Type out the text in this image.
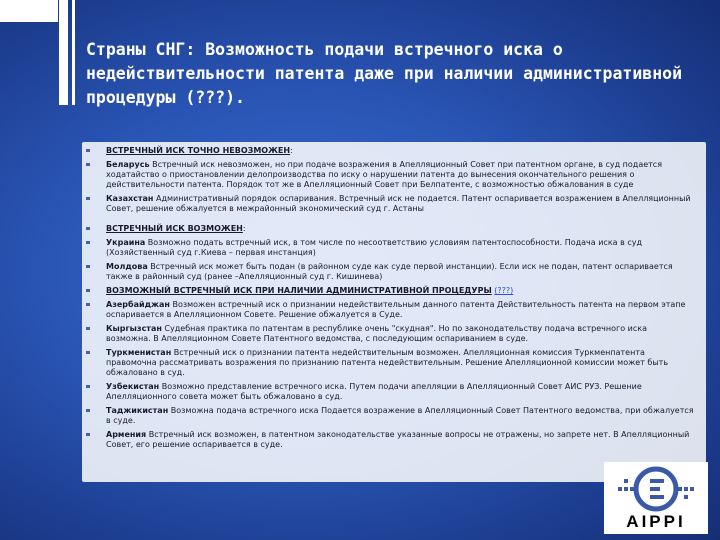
Страны СНГ: Возможность подачи встречного иска о недействительности патента даже при наличии административной процедуры (???).
ВСТРЕЧНЫЙ ИСК ТОЧНО НЕВОЗМОЖЕН:
Беларусь Встречный иск невозможен, но при подаче возражения в Апелляционный Совет при патентном органе, в суд подается ходатайство о приостановлении делопроизводства по иску о нарушении патента до вынесения окончательного решения о действительности патента. Порядок тот же в Апелляционный Совет при Белпатенте, с возможностью обжалования в суде
Казахстан Административный порядок оспаривания. Встречный иск не подается. Патент оспаривается возражением в Апелляционный Совет, решение обжалуется в межрайонный экономический суд г. Астаны
ВСТРЕЧНЫЙ ИСК ВОЗМОЖЕН:
Украина Возможно подать встречный иск, в том числе по несоответствию условиям патентоспособности. Подача иска в суд (Хозяйственный суд г.Киева – первая инстанция)
Молдова Встречный иск может быть подан (в районном суде как суде первой инстанции). Если иск не подан, патент оспаривается также в районный суд (ранее –Апелляционный суд г. Кишинева)
ВОЗМОЖНЫЙ ВСТРЕЧНЫЙ ИСК ПРИ НАЛИЧИИ АДМИНИСТРАТИВНОЙ ПРОЦЕДУРЫ (???)
Азербайджан Возможен встречный иск о признании недействительным данного патента Действительность патента на первом этапе оспаривается в Апелляционном Совете. Решение обжалуется в Суде.
Кыргызстан Судебная практика по патентам в республике очень "скудная". Но по законодательству подача встречного иска возможна. В Апелляционном Совете Патентного ведомства, с последующим оспариванием в суде.
Туркменистан Встречный иск о признании патента недействительным возможен. Апелляционная комиссия Туркменпатента правомочна рассматривать возражения по признанию патента недействительным. Решение Апелляционной комиссии может быть обжаловано в суд.
Узбекистан Возможно представление встречного иска. Путем подачи апелляции в Апелляционный Совет АИС РУЗ. Решение Апелляционного совета может быть обжаловано в суд.
Таджикистан Возможна подача встречного иска Подается возражение в Апелляционный Совет Патентного ведомства, при обжалуется в суде.
Армения Встречный иск возможен, в патентном законодательстве указанные вопросы не отражены, но запрете нет. В Апелляционный Совет, его решение оспаривается в суде.
AIPPI
